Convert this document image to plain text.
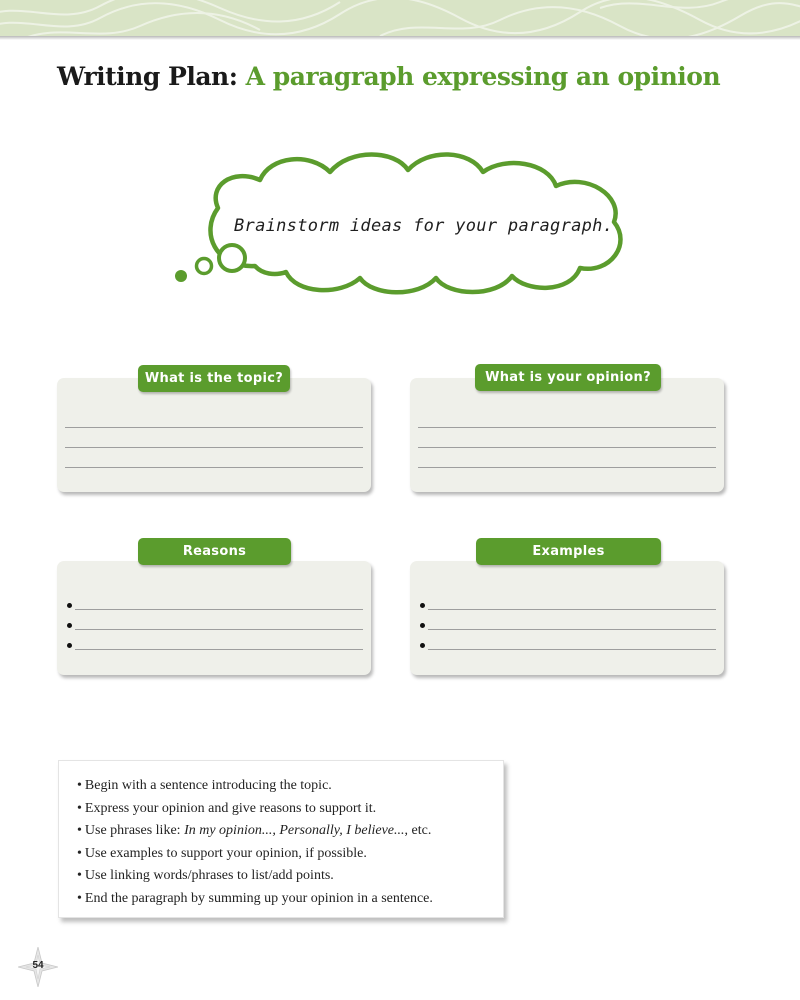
Writing Plan: A paragraph expressing an opinion
Brainstorm ideas for your paragraph.
What is the topic?	What is your opinion?
Reasons	Examples
• Begin with a sentence introducing the topic.
• Express your opinion and give reasons to support it.
• Use phrases like: In my opinion..., Personally, I believe..., etc.
• Use examples to support your opinion, if possible.
• Use linking words/phrases to list/add points.
• End the paragraph by summing up your opinion in a sentence.
54
